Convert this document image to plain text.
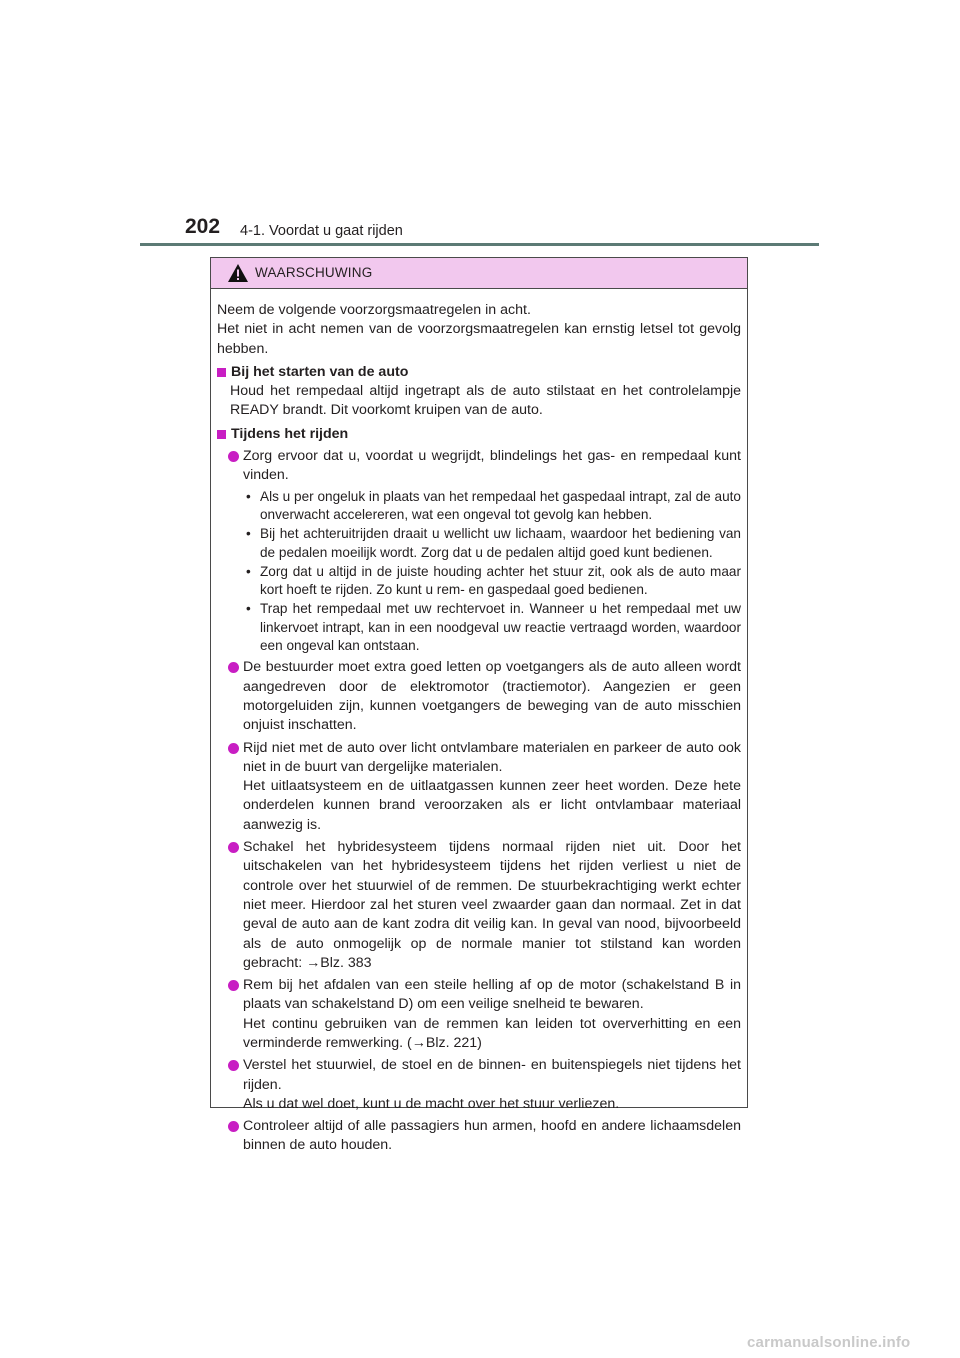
202 4-1. Voordat u gaat rijden
WAARSCHUWING

Neem de volgende voorzorgsmaatregelen in acht.

Het niet in acht nemen van de voorzorgsmaatregelen kan ernstig letsel tot gevolg hebben.

Bij het starten van de auto

Houd het rempedaal altijd ingetrapt als de auto stilstaat en het controlelampje READY brandt. Dit voorkomt kruipen van de auto.

Tijdens het rijden

Zorg ervoor dat u, voordat u wegrijdt, blindelings het gas- en rempedaal kunt vinden.

• Als u per ongeluk in plaats van het rempedaal het gaspedaal intrapt, zal de auto onverwacht accelereren, wat een ongeval tot gevolg kan hebben.
• Bij het achteruitrijden draait u wellicht uw lichaam, waardoor het bediening van de pedalen moeilijk wordt. Zorg dat u de pedalen altijd goed kunt bedienen.
• Zorg dat u altijd in de juiste houding achter het stuur zit, ook als de auto maar kort hoeft te rijden. Zo kunt u rem- en gaspedaal goed bedienen.
• Trap het rempedaal met uw rechtervoet in. Wanneer u het rempedaal met uw linkervoet intrapt, kan in een noodgeval uw reactie vertraagd worden, waardoor een ongeval kan ontstaan.

De bestuurder moet extra goed letten op voetgangers als de auto alleen wordt aangedreven door de elektromotor (tractiemotor). Aangezien er geen motorgeluiden zijn, kunnen voetgangers de beweging van de auto misschien onjuist inschatten.

Rijd niet met de auto over licht ontvlambare materialen en parkeer de auto ook niet in de buurt van dergelijke materialen.

Het uitlaatsysteem en de uitlaatgassen kunnen zeer heet worden. Deze hete onderdelen kunnen brand veroorzaken als er licht ontvlambaar materiaal aanwezig is.

Schakel het hybridesysteem tijdens normaal rijden niet uit. Door het uitschakelen van het hybridesysteem tijdens het rijden verliest u niet de controle over het stuurwiel of de remmen. De stuurbekrachtiging werkt echter niet meer. Hierdoor zal het sturen veel zwaarder gaan dan normaal. Zet in dat geval de auto aan de kant zodra dit veilig kan. In geval van nood, bijvoorbeeld als de auto onmogelijk op de normale manier tot stilstand kan worden gebracht: →Blz. 383

Rem bij het afdalen van een steile helling af op de motor (schakelstand B in plaats van schakelstand D) om een veilige snelheid te bewaren.

Het continu gebruiken van de remmen kan leiden tot oververhitting en een verminderde remwerking. (→Blz. 221)

Verstel het stuurwiel, de stoel en de binnen- en buitenspiegels niet tijdens het rijden.

Als u dat wel doet, kunt u de macht over het stuur verliezen.

Controleer altijd of alle passagiers hun armen, hoofd en andere lichaamsdelen binnen de auto houden.

carmanualsonline.info
